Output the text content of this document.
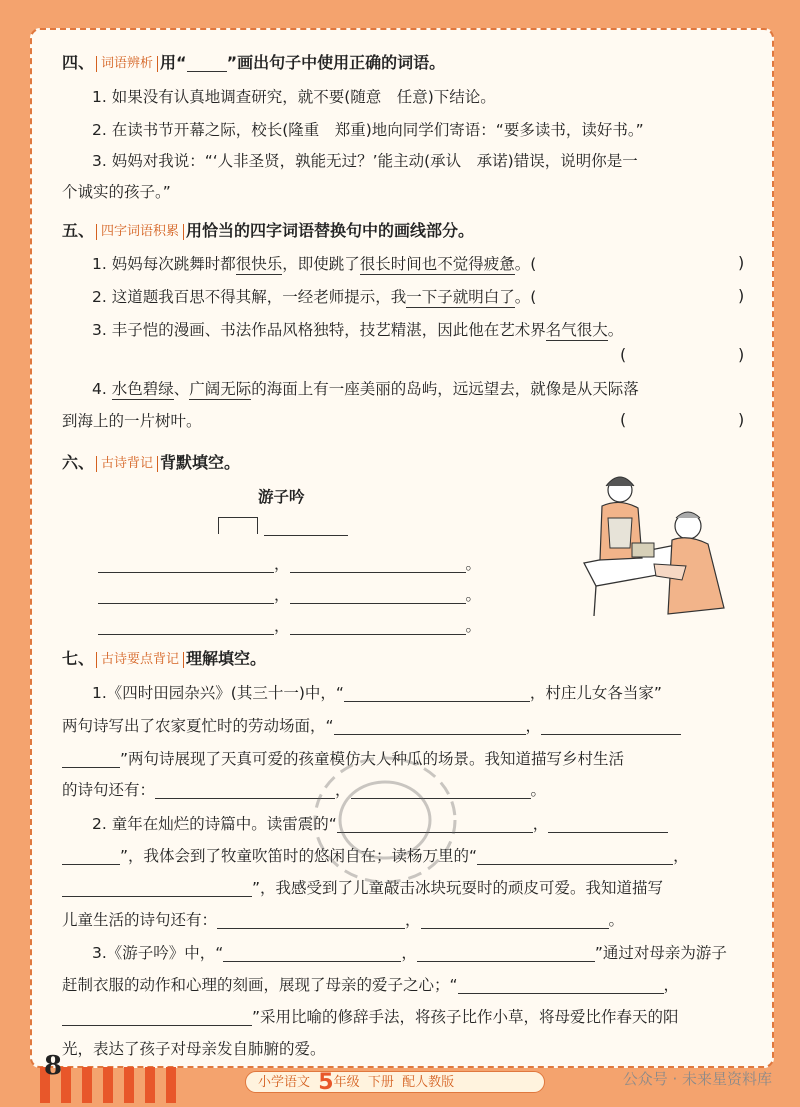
四、 词语辨析 用“	”画出句子中使用正确的词语。
1. 如果没有认真地调查研究，就不要(随意　任意)下结论。
2. 在读书节开幕之际，校长(隆重　郑重)地向同学们寄语：“要多读书，读好书。”
3. 妈妈对我说：“‘人非圣贤，孰能无过？’能主动(承认　承诺)错误，说明你是一
个诚实的孩子。”
五、 四字词语积累 用恰当的四字词语替换句中的画线部分。
1. 妈妈每次跳舞时都很快乐，即使跳了很长时间也不觉得疲惫。(	)
2. 这道题我百思不得其解，一经老师提示，我一下子就明白了。(	)
3. 丰子恺的漫画、书法作品风格独特，技艺精湛，因此他在艺术界名气很大。
(	)
4. 水色碧绿、广阔无际的海面上有一座美丽的岛屿，远远望去，就像是从天际落
到海上的一片树叶。	(	)
六、 古诗背记 背默填空。
游子吟
，	。
，	。
，	。
七、 古诗要点背记 理解填空。
1.《四时田园杂兴》(其三十一)中，“	，村庄儿女各当家”
两句诗写出了农家夏忙时的劳动场面，“	，
”两句诗展现了天真可爱的孩童模仿大人种瓜的场景。我知道描写乡村生活
的诗句还有：	，	。
2. 童年在灿烂的诗篇中。读雷震的“	，
”，我体会到了牧童吹笛时的悠闲自在；读杨万里的“	，
”，我感受到了儿童敲击冰块玩耍时的顽皮可爱。我知道描写
儿童生活的诗句还有：	，	。
3.《游子吟》中，“	，	”通过对母亲为游子
赶制衣服的动作和心理的刻画，展现了母亲的爱子之心；“	，
”采用比喻的修辞手法，将孩子比作小草，将母爱比作春天的阳
光，表达了孩子对母亲发自肺腑的爱。
8
小学语文 5年级 下册 配人教版	公众号 · 未来星资料库
